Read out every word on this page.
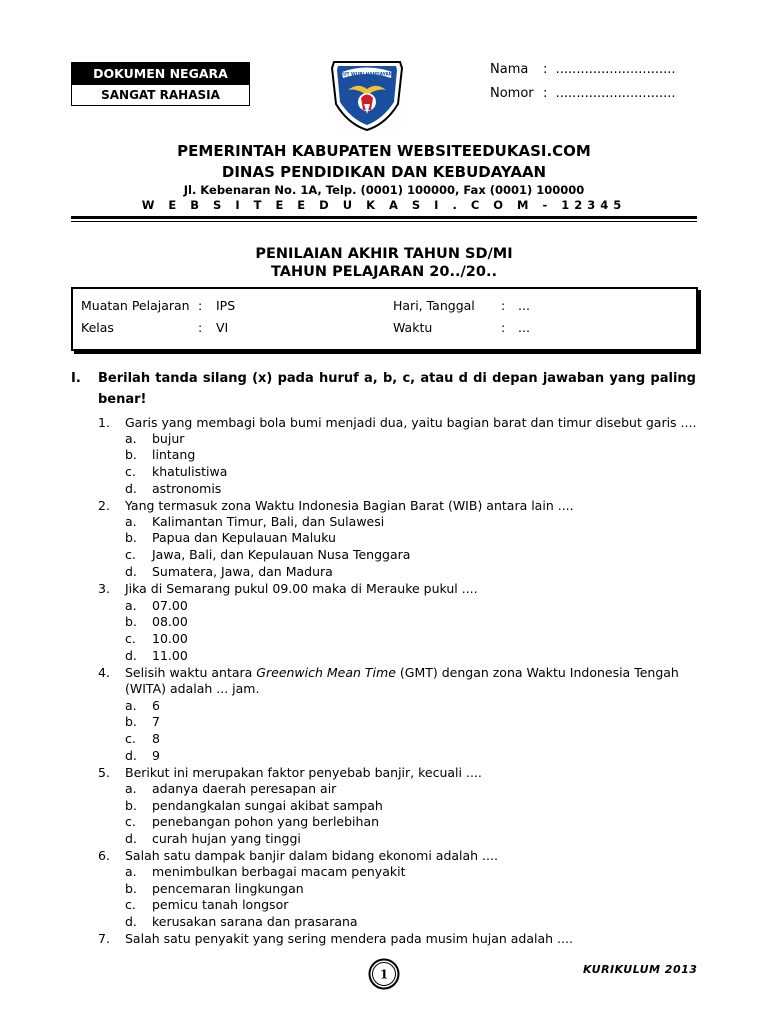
DOKUMEN NEGARA
SANGAT RAHASIA
TUT WURI HANDAYANI	Nama : .............................
Nomor : .............................
PEMERINTAH KABUPATEN WEBSITEEDUKASI.COM
DINAS PENDIDIKAN DAN KEBUDAYAAN
Jl. Kebenaran No. 1A, Telp. (0001) 100000, Fax (0001) 100000
W E B S I T E E D U K A S I . C O M - 12345
PENILAIAN AKHIR TAHUN SD/MI
TAHUN PELAJARAN 20../20..
Muatan Pelajaran : IPS	Hari, Tanggal : ...
Kelas	: VI	Waktu	: ...
I. Berilah tanda silang (x) pada huruf a, b, c, atau d di depan jawaban yang paling
benar!
1. Garis yang membagi bola bumi menjadi dua, yaitu bagian barat dan timur disebut garis ....
a. bujur
b. lintang
c. khatulistiwa
d. astronomis
2. Yang termasuk zona Waktu Indonesia Bagian Barat (WIB) antara lain ....
a. Kalimantan Timur, Bali, dan Sulawesi
b. Papua dan Kepulauan Maluku
c. Jawa, Bali, dan Kepulauan Nusa Tenggara
d. Sumatera, Jawa, dan Madura
3. Jika di Semarang pukul 09.00 maka di Merauke pukul ....
a. 07.00
b. 08.00
c. 10.00
d. 11.00
4. Selisih waktu antara Greenwich Mean Time (GMT) dengan zona Waktu Indonesia Tengah
(WITA) adalah ... jam.
a. 6
b. 7
c. 8
d. 9
5. Berikut ini merupakan faktor penyebab banjir, kecuali ....
a. adanya daerah peresapan air
b. pendangkalan sungai akibat sampah
c. penebangan pohon yang berlebihan
d. curah hujan yang tinggi
6. Salah satu dampak banjir dalam bidang ekonomi adalah ....
a. menimbulkan berbagai macam penyakit
b. pencemaran lingkungan
c. pemicu tanah longsor
d. kerusakan sarana dan prasarana
7. Salah satu penyakit yang sering mendera pada musim hujan adalah ....
1	KURIKULUM 2013
